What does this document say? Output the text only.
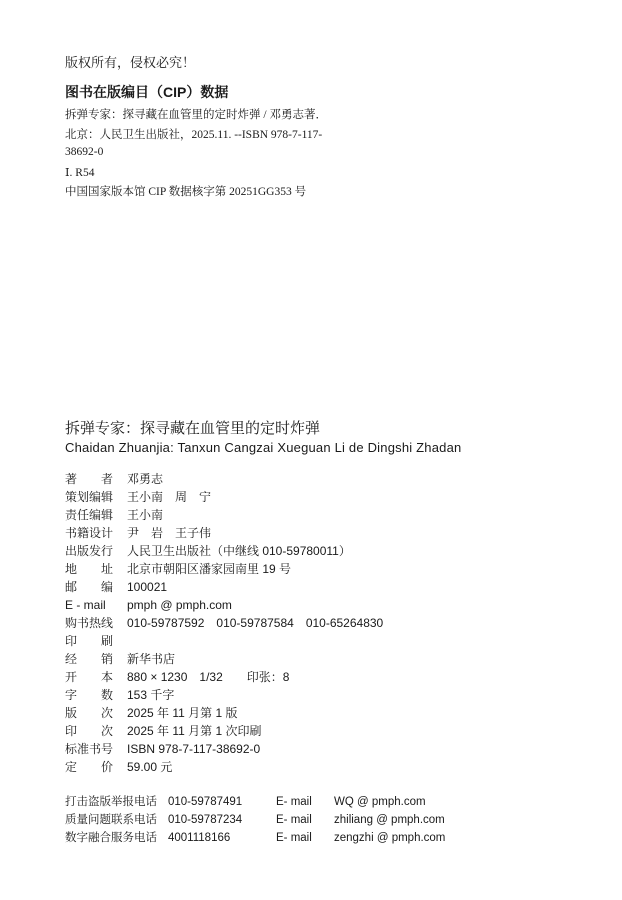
版权所有，侵权必究！
图书在版编目（CIP）数据
拆弹专家：探寻藏在血管里的定时炸弹 / 邓勇志著．
北京：人民卫生出版社，2025.11. --ISBN 978-7-117-
38692-0
Ⅰ. R54
中国国家版本馆 CIP 数据核字第 20251GG353 号
拆弹专家：探寻藏在血管里的定时炸弹
Chaidan Zhuanjia: Tanxun Cangzai Xueguan Li de Dingshi Zhadan
著者 邓勇志
策划编辑 王小南　周　宁
责任编辑 王小南
书籍设计 尹　岩　王子伟
出版发行 人民卫生出版社（中继线 010-59780011）
地址 北京市朝阳区潘家园南里 19 号
邮编 100021
E - mail pmph @ pmph.com
购书热线 010-59787592　010-59787584　010-65264830
印刷
经销 新华书店
开本 880 × 1230　1/32　　印张：8
字数 153 千字
版次 2025 年 11 月第 1 版
印次 2025 年 11 月第 1 次印刷
标准书号 ISBN 978-7-117-38692-0
定价 59.00 元
打击盗版举报电话 010-59787491	E- mail WQ @ pmph.com
质量问题联系电话 010-59787234	E- mail zhiliang @ pmph.com
数字融合服务电话 4001118166	E- mail zengzhi @ pmph.com
